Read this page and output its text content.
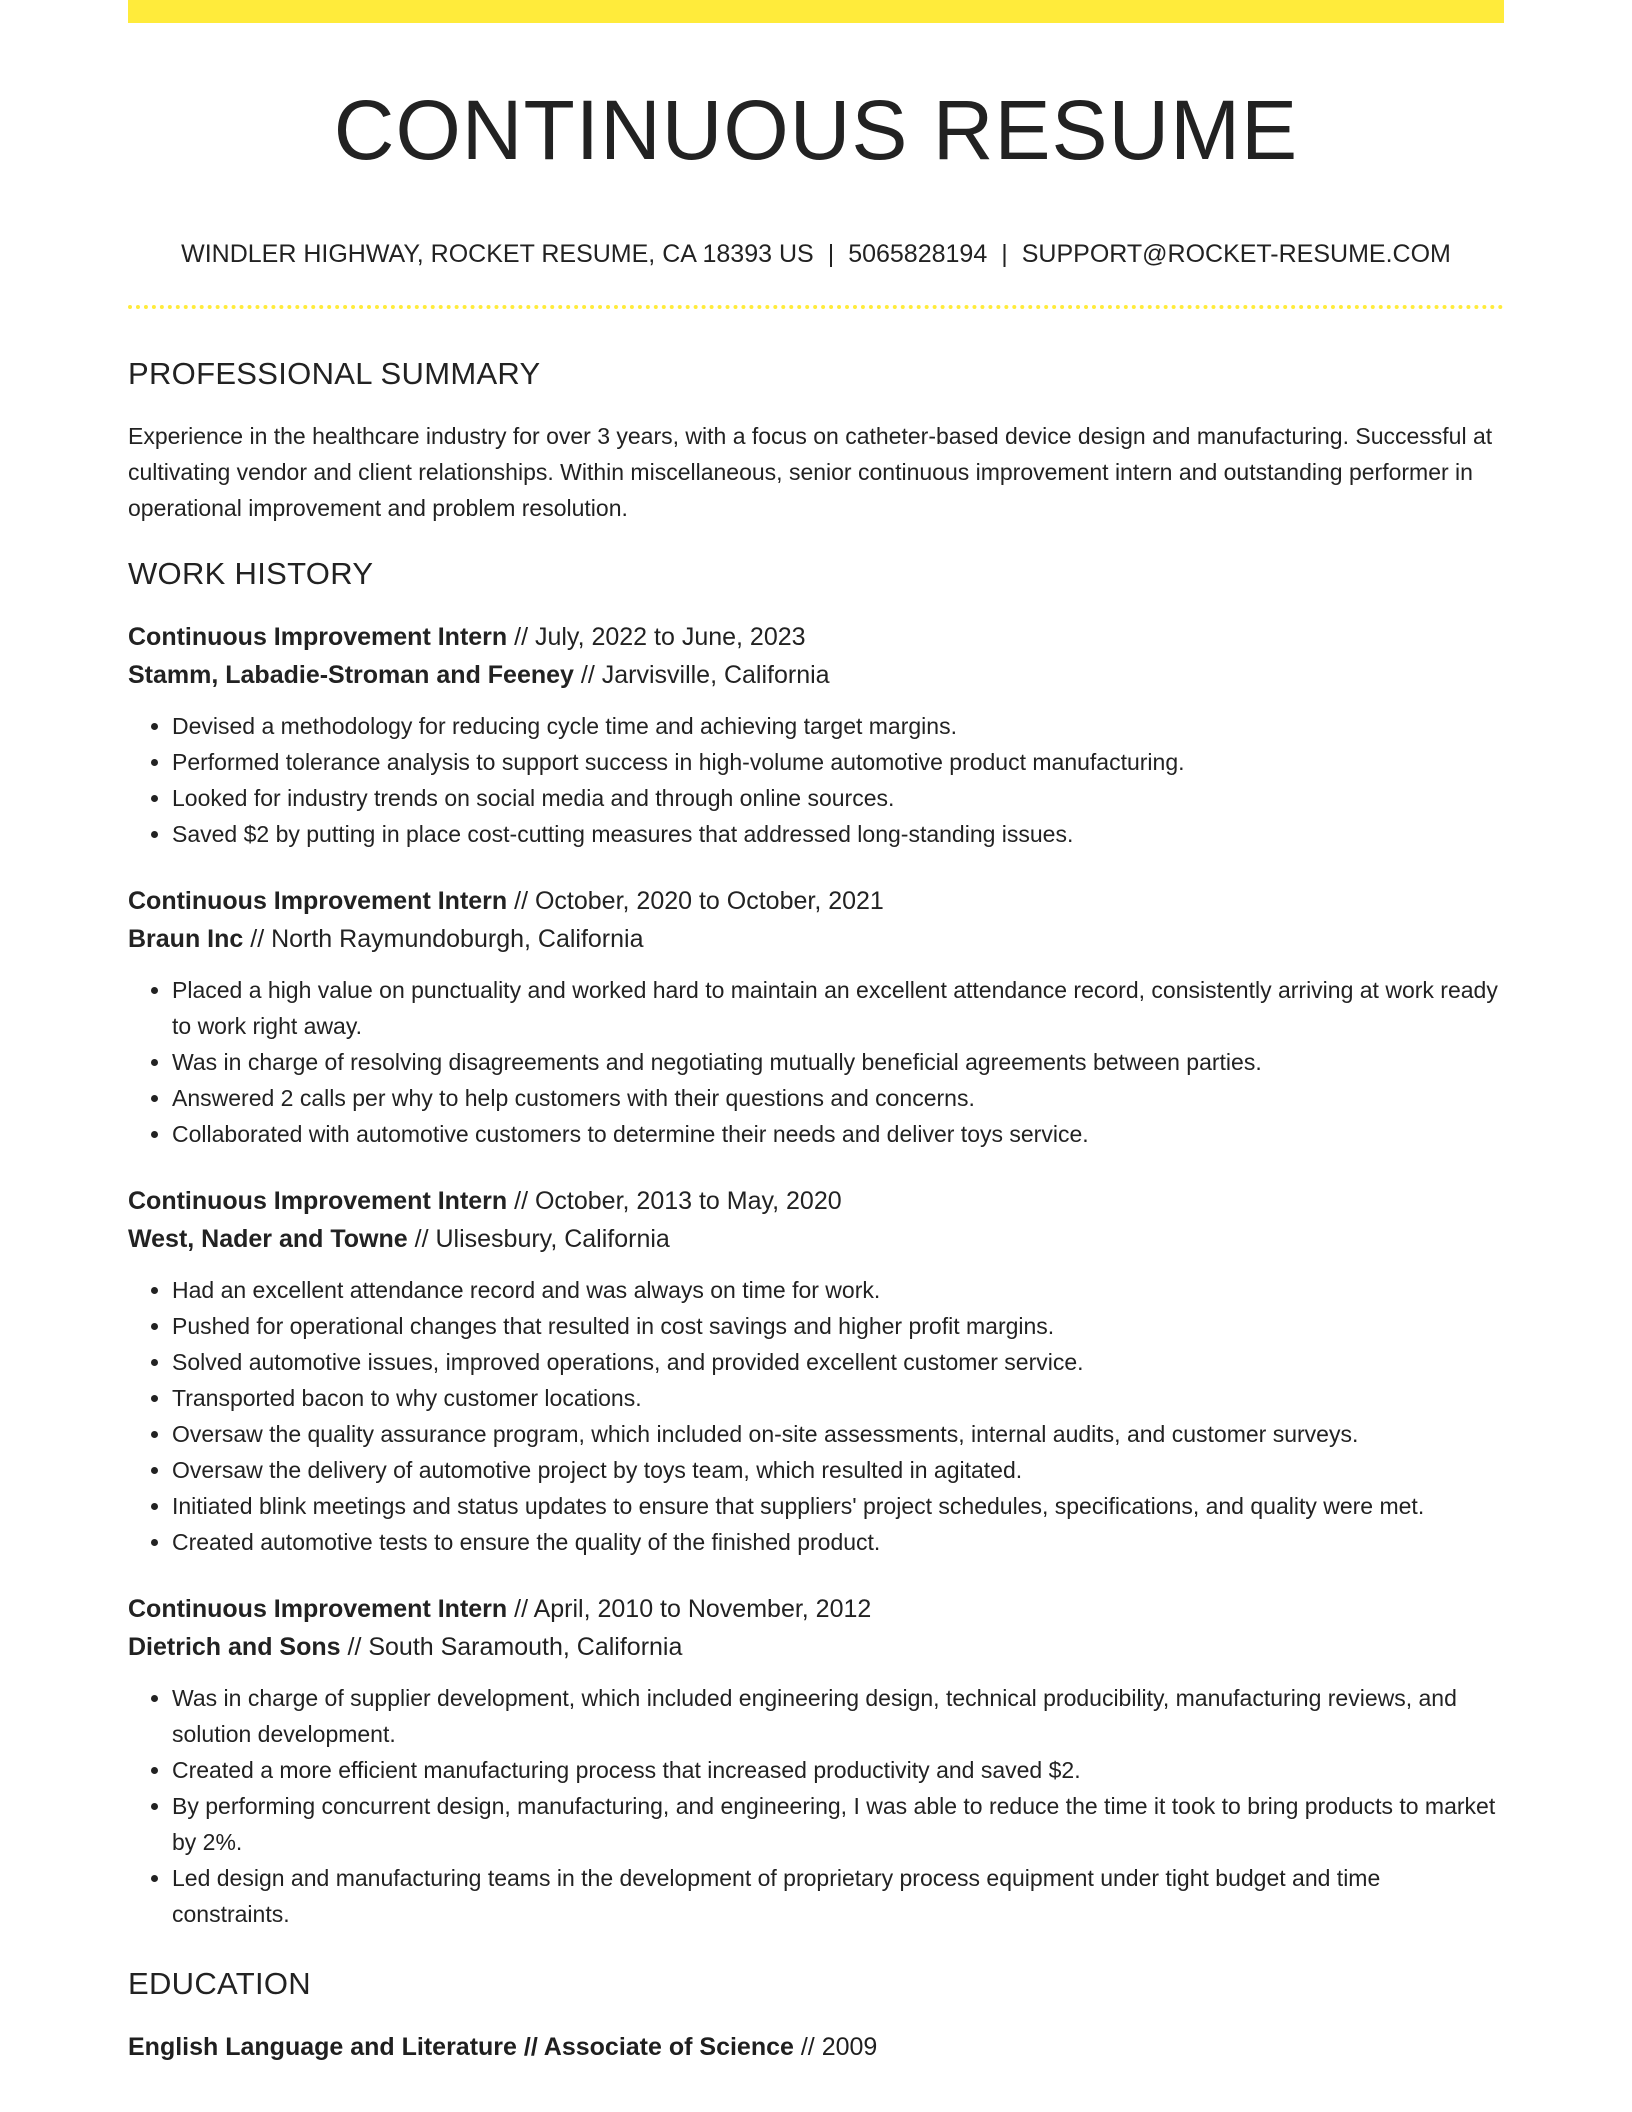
CONTINUOUS RESUME
WINDLER HIGHWAY, ROCKET RESUME, CA 18393 US | 5065828194 | SUPPORT@ROCKET-RESUME.COM
PROFESSIONAL SUMMARY

Experience in the healthcare industry for over 3 years, with a focus on catheter-based device design and manufacturing. Successful at cultivating vendor and client relationships. Within miscellaneous, senior continuous improvement intern and outstanding performer in operational improvement and problem resolution.

WORK HISTORY

Continuous Improvement Intern // July, 2022 to June, 2023

Stamm, Labadie-Stroman and Feeney // Jarvisville, California

• Devised a methodology for reducing cycle time and achieving target margins.
• Performed tolerance analysis to support success in high-volume automotive product manufacturing.
• Looked for industry trends on social media and through online sources.
• Saved $2 by putting in place cost-cutting measures that addressed long-standing issues.

Continuous Improvement Intern // October, 2020 to October, 2021

Braun Inc // North Raymundoburgh, California

• Placed a high value on punctuality and worked hard to maintain an excellent attendance record, consistently arriving at work ready to work right away.
• Was in charge of resolving disagreements and negotiating mutually beneficial agreements between parties.
• Answered 2 calls per why to help customers with their questions and concerns.
• Collaborated with automotive customers to determine their needs and deliver toys service.

Continuous Improvement Intern // October, 2013 to May, 2020

West, Nader and Towne // Ulisesbury, California

• Had an excellent attendance record and was always on time for work.
• Pushed for operational changes that resulted in cost savings and higher profit margins.
• Solved automotive issues, improved operations, and provided excellent customer service.
• Transported bacon to why customer locations.
• Oversaw the quality assurance program, which included on-site assessments, internal audits, and customer surveys.
• Oversaw the delivery of automotive project by toys team, which resulted in agitated.
• Initiated blink meetings and status updates to ensure that suppliers' project schedules, specifications, and quality were met.
• Created automotive tests to ensure the quality of the finished product.

Continuous Improvement Intern // April, 2010 to November, 2012

Dietrich and Sons // South Saramouth, California

• Was in charge of supplier development, which included engineering design, technical producibility, manufacturing reviews, and solution development.
• Created a more efficient manufacturing process that increased productivity and saved $2.
• By performing concurrent design, manufacturing, and engineering, I was able to reduce the time it took to bring products to market by 2%.
• Led design and manufacturing teams in the development of proprietary process equipment under tight budget and time constraints.
EDUCATION

English Language and Literature // Associate of Science // 2009
